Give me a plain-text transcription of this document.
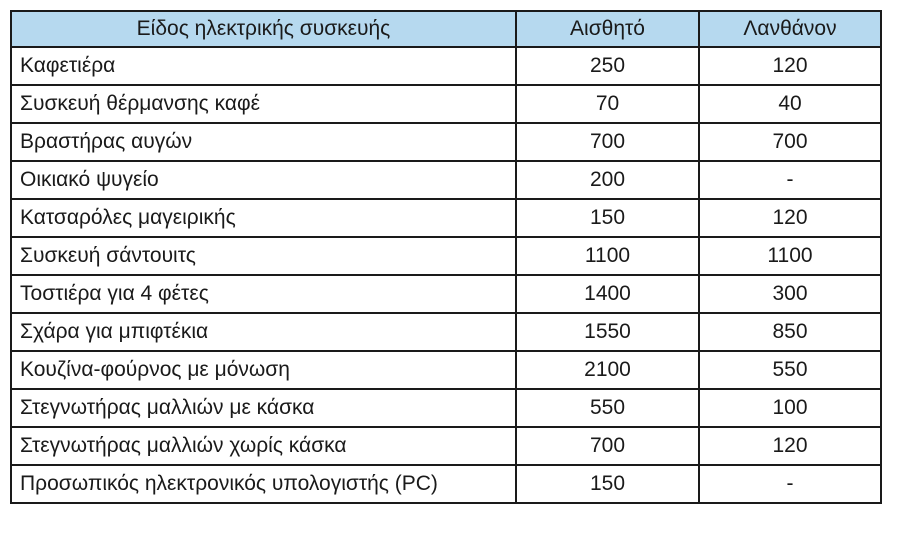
Είδος ηλεκτρικής συσκευής	Αισθητό	Λανθάνον
Καφετιέρα	250	120
Συσκευή θέρμανσης καφέ	70	40
Βραστήρας αυγών	700	700
Οικιακό ψυγείο	200	-
Κατσαρόλες μαγειρικής	150	120
Συσκευή σάντουιτς	1100	1100
Τοστιέρα για 4 φέτες	1400	300
Σχάρα για μπιφτέκια	1550	850
Κουζίνα-φούρνος με μόνωση	2100	550
Στεγνωτήρας μαλλιών με κάσκα	550	100
Στεγνωτήρας μαλλιών χωρίς κάσκα	700	120
Προσωπικός ηλεκτρονικός υπολογιστής (PC)	150	-
